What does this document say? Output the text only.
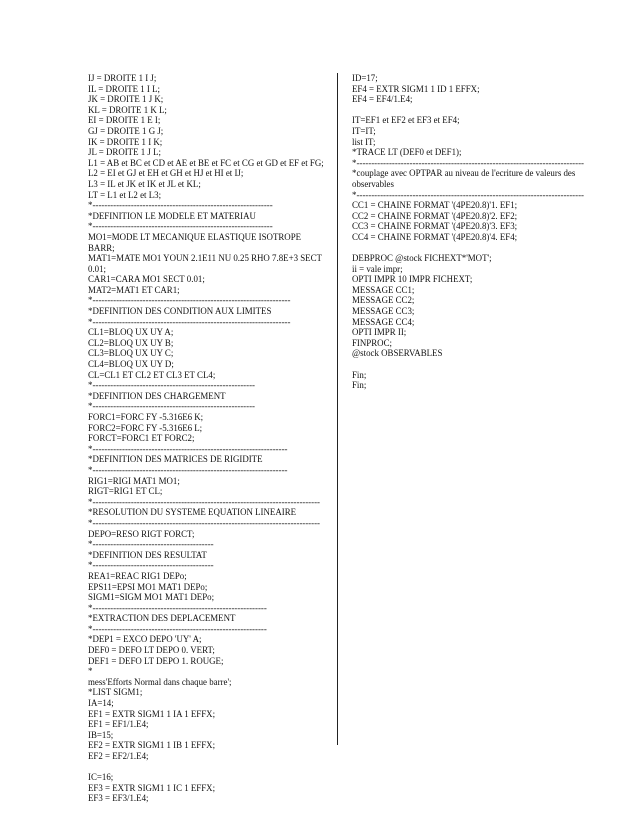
IJ = DROITE 1 I J;
IL = DROITE 1 I L;
JK = DROITE 1 J K;
KL = DROITE 1 K L;
EI = DROITE 1 E I;
GJ = DROITE 1 G J;
IK = DROITE 1 I K;
JL = DROITE 1 J L;
L1 = AB et BC et CD et AE et BE et FC et CG et GD et EF et FG;
L2 = EI et GJ et EH et GH et HJ et HI et IJ;
L3 = IL et JK et IK et JL et KL;
LT = L1 et L2 et L3;
*-------------------------------------------------------------
*DEFINITION LE MODELE ET MATERIAU
*-------------------------------------------------------------
MO1=MODE LT MECANIQUE ELASTIQUE ISOTROPE BARR;
MAT1=MATE MO1 YOUN 2.1E11 NU 0.25 RHO 7.8E+3 SECT 0.01;
CAR1=CARA MO1 SECT 0.01;
MAT2=MAT1 ET CAR1;
*-------------------------------------------------------------------
*DEFINITION DES CONDITION AUX LIMITES
*-------------------------------------------------------------------
CL1=BLOQ UX UY A;
CL2=BLOQ UX UY B;
CL3=BLOQ UX UY C;
CL4=BLOQ UX UY D;
CL=CL1 ET CL2 ET CL3 ET CL4;
*-------------------------------------------------------
*DEFINITION DES CHARGEMENT
*-------------------------------------------------------
FORC1=FORC FY -5.316E6 K;
FORC2=FORC FY -5.316E6 L;
FORCT=FORC1 ET FORC2;
*------------------------------------------------------------------
*DEFINITION DES MATRICES DE RIGIDITE
*------------------------------------------------------------------
RIG1=RIGI MAT1 MO1;
RIGT=RIG1 ET CL;
*-----------------------------------------------------------------------------
*RESOLUTION DU SYSTEME EQUATION LINEAIRE
*-----------------------------------------------------------------------------
DEPO=RESO RIGT FORCT;
*-----------------------------------------
*DEFINITION DES RESULTAT
*-----------------------------------------
REA1=REAC RIG1 DEPo;
EPS11=EPSI MO1 MAT1 DEPo;
SIGM1=SIGM MO1 MAT1 DEPo;
*-----------------------------------------------------------
*EXTRACTION DES DEPLACEMENT
*-----------------------------------------------------------
*DEP1 = EXCO DEPO 'UY' A;
DEF0 = DEFO LT DEPO 0. VERT;
DEF1 = DEFO LT DEPO 1. ROUGE;
*
mess'Efforts Normal dans chaque barre';
*LIST SIGM1;
IA=14;
EF1 = EXTR SIGM1 1 IA 1 EFFX;
EF1 = EF1/1.E4;
IB=15;
EF2 = EXTR SIGM1 1 IB 1 EFFX;
EF2 = EF2/1.E4;
IC=16;
EF3 = EXTR SIGM1 1 IC 1 EFFX;
EF3 = EF3/1.E4;
ID=17;
EF4 = EXTR SIGM1 1 ID 1 EFFX;
EF4 = EF4/1.E4;
IT=EF1 et EF2 et EF3 et EF4;
IT=IT;
list IT;
*TRACE LT (DEF0 et DEF1);
*-----------------------------------------------------------------------------
*couplage avec OPTPAR au niveau de l'ecriture de valeurs des observables
*-----------------------------------------------------------------------------
CC1 = CHAINE FORMAT '(4PE20.8)'1. EF1;
CC2 = CHAINE FORMAT '(4PE20.8)'2. EF2;
CC3 = CHAINE FORMAT '(4PE20.8)'3. EF3;
CC4 = CHAINE FORMAT '(4PE20.8)'4. EF4;
DEBPROC @stock FICHEXT*'MOT';
ii = vale impr;
OPTI IMPR 10 IMPR FICHEXT;
MESSAGE CC1;
MESSAGE CC2;
MESSAGE CC3;
MESSAGE CC4;
OPTI IMPR II;
FINPROC;
@stock OBSERVABLES
Fin;
Fin;
